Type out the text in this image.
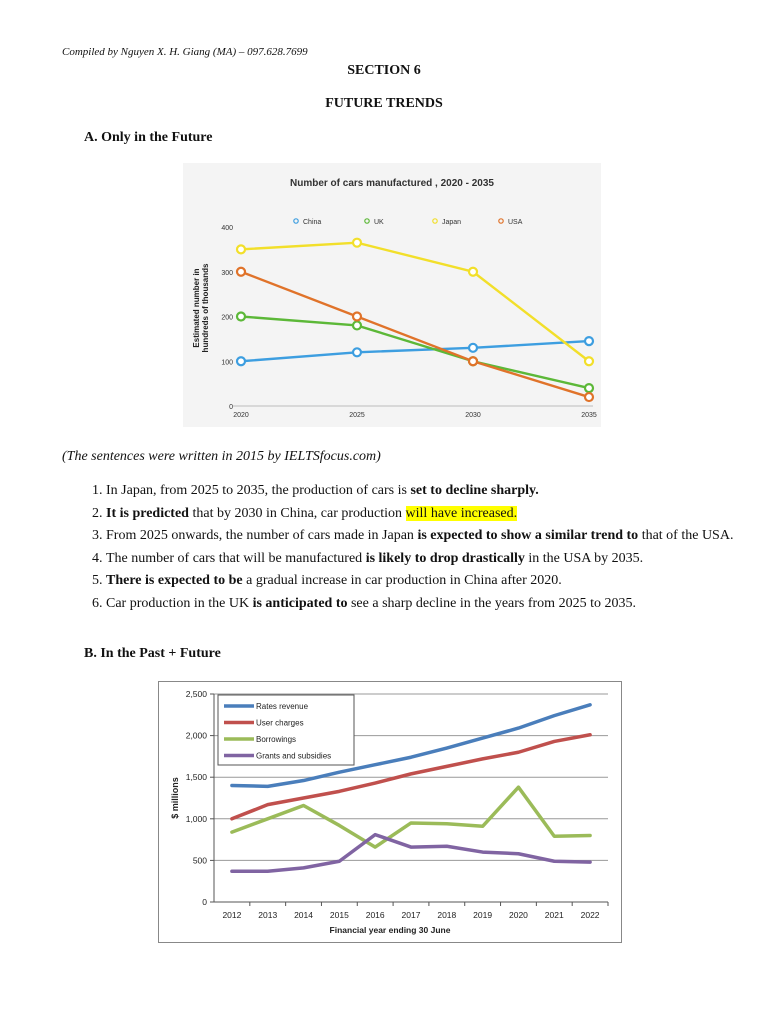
Compiled by Nguyen X. H. Giang (MA) – 097.628.7699
SECTION 6
FUTURE TRENDS
A. Only in the Future
Number of cars manufactured , 2020 - 2035
0
100
200
300
400
2020	2025	2030	2035
Estimated number inhundreds of thousands
China	UK	Japan	USA
(The sentences were written in 2015 by IELTSfocus.com)
1. In Japan, from 2025 to 2035, the production of cars is set to decline sharply.
2. It is predicted that by 2030 in China, car production will have increased.
3. From 2025 onwards, the number of cars made in Japan is expected to show a similar trend to that of the USA.
4. The number of cars that will be manufactured is likely to drop drastically in the USA by 2035.
5. There is expected to be a gradual increase in car production in China after 2020.
6. Car production in the UK is anticipated to see a sharp decline in the years from 2025 to 2035.
B. In the Past + Future
0
500
1,000
1,500
2,000
2,500
2012 2013 2014 2015 2016 2017 2018 2019 2020 2021 2022
Financial year ending 30 June
$ millions
Rates revenue
User charges
Borrowings
Grants and subsidies
